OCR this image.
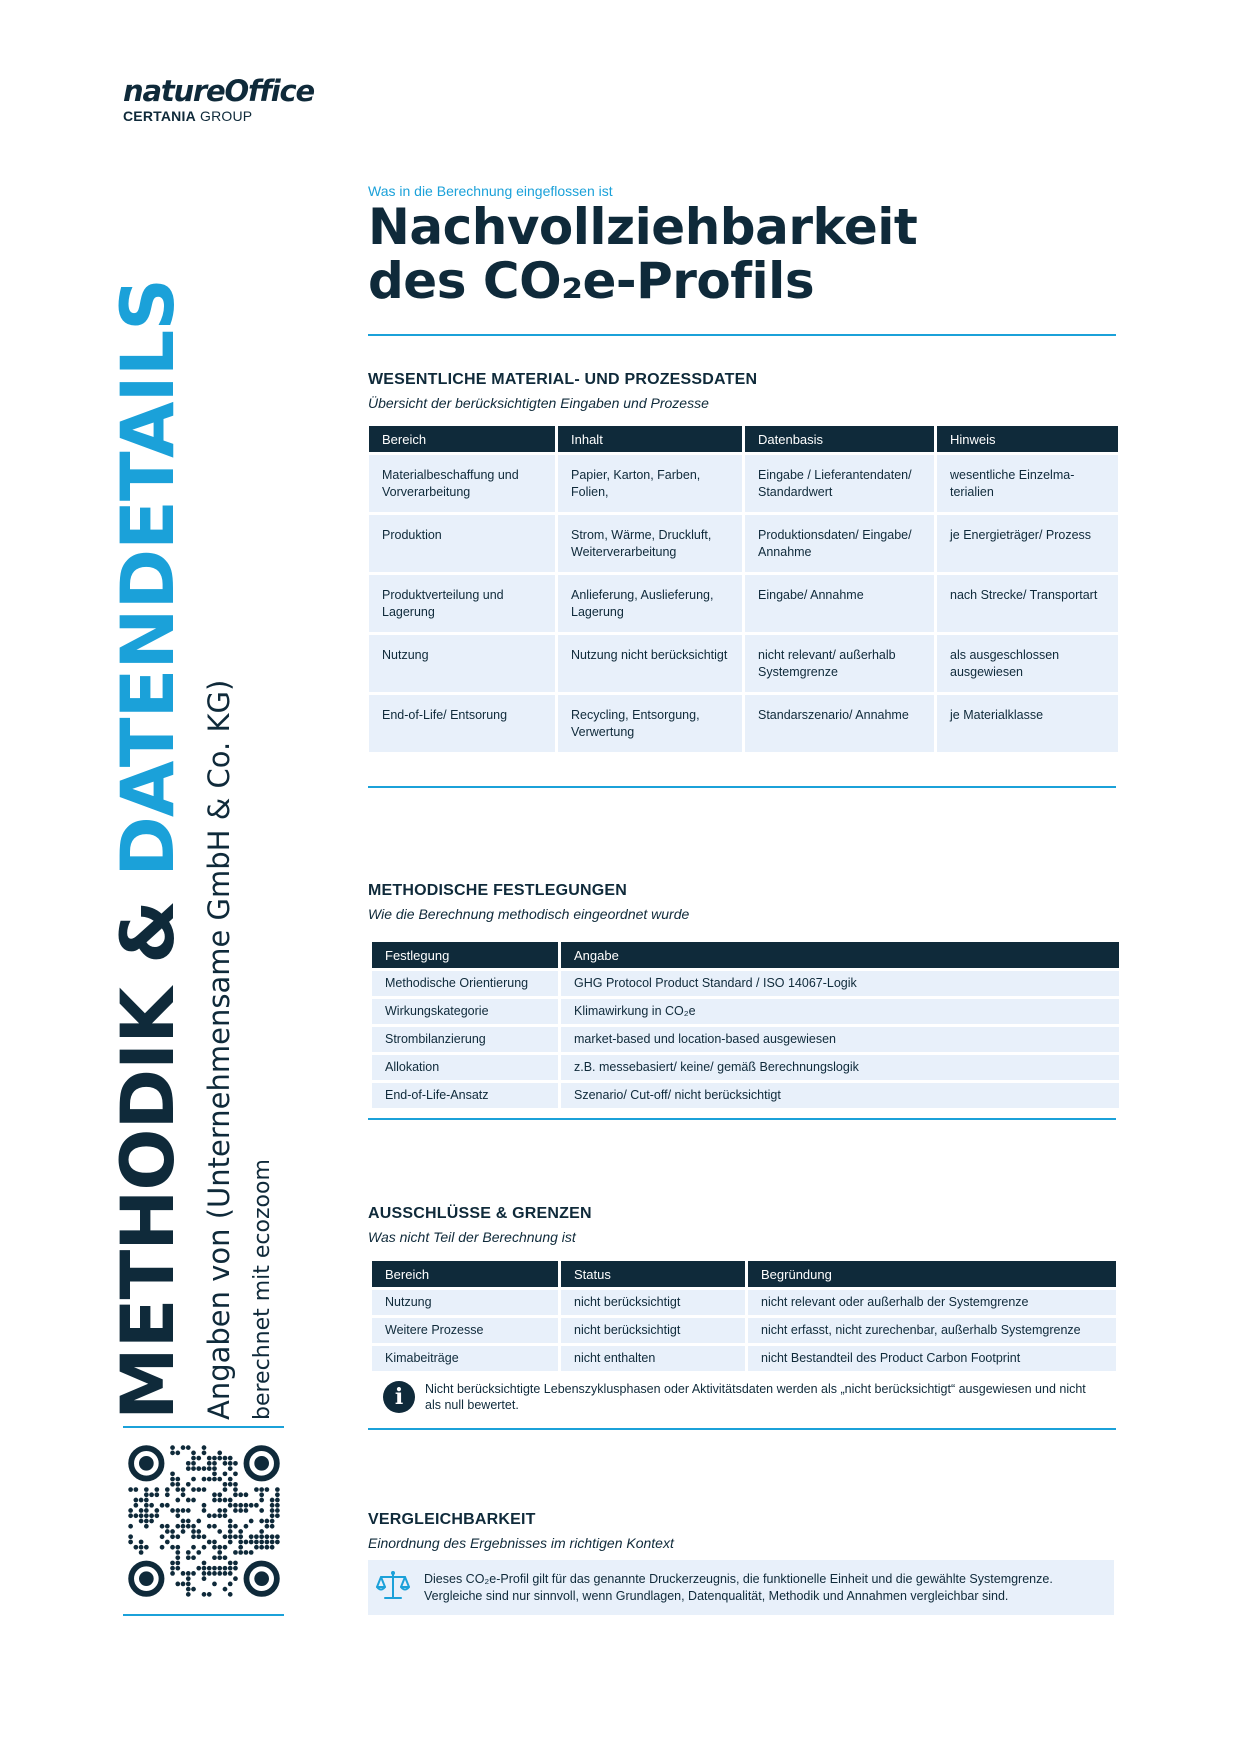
natureOffice
CERTANIA GROUP
METHODIK & DATENDETAILS
Angaben von (Unternehmensame GmbH & Co. KG) berechnet mit ecozoom
Was in die Berechnung eingeflossen ist
Nachvollziehbarkeit
des CO₂e-Profils
WESENTLICHE MATERIAL- UND PROZESSDATEN
Übersicht der berücksichtigten Eingaben und Prozesse
Bereich	Inhalt	Datenbasis	Hinweis
Materialbeschaffung und Vorverarbeitung	Papier, Karton, Farben, Folien,	Eingabe / Lieferantendaten/ Standardwert	wesentliche Einzelma-terialien
Produktion	Strom, Wärme, Druckluft, Weiterverarbeitung	Produktionsdaten/ Eingabe/ Annahme	je Energieträger/ Prozess
Produktverteilung und Lagerung	Anlieferung, Auslieferung, Lagerung	Eingabe/ Annahme	nach Strecke/ Transportart
Nutzung	Nutzung nicht berücksichtigt	nicht relevant/ außerhalb Systemgrenze	als ausgeschlossen ausgewiesen
End-of-Life/ Entsorung	Recycling, Entsorgung, Verwertung	Standarszenario/ Annahme	je Materialklasse
METHODISCHE FESTLEGUNGEN
Wie die Berechnung methodisch eingeordnet wurde
Festlegung	Angabe
Methodische Orientierung	GHG Protocol Product Standard / ISO 14067-Logik
Wirkungskategorie	Klimawirkung in CO₂e
Strombilanzierung	market-based und location-based ausgewiesen
Allokation	z.B. messebasiert/ keine/ gemäß Berechnungslogik
End-of-Life-Ansatz	Szenario/ Cut-off/ nicht berücksichtigt
AUSSCHLÜSSE & GRENZEN
Was nicht Teil der Berechnung ist
Bereich	Status	Begründung
Nutzung	nicht berücksichtigt	nicht relevant oder außerhalb der Systemgrenze
Weitere Prozesse	nicht berücksichtigt	nicht erfasst, nicht zurechenbar, außerhalb Systemgrenze
Kimabeiträge	nicht enthalten	nicht Bestandteil des Product Carbon Footprint
i	Nicht berücksichtigte Lebenszyklusphasen oder Aktivitätsdaten werden als „nicht berücksichtigt“ ausgewiesen und nicht als null bewertet.
VERGLEICHBARKEIT
Einordnung des Ergebnisses im richtigen Kontext
Dieses CO₂e-Profil gilt für das genannte Druckerzeugnis, die funktionelle Einheit und die gewählte Systemgrenze. Vergleiche sind nur sinnvoll, wenn Grundlagen, Datenqualität, Methodik und Annahmen vergleichbar sind.
